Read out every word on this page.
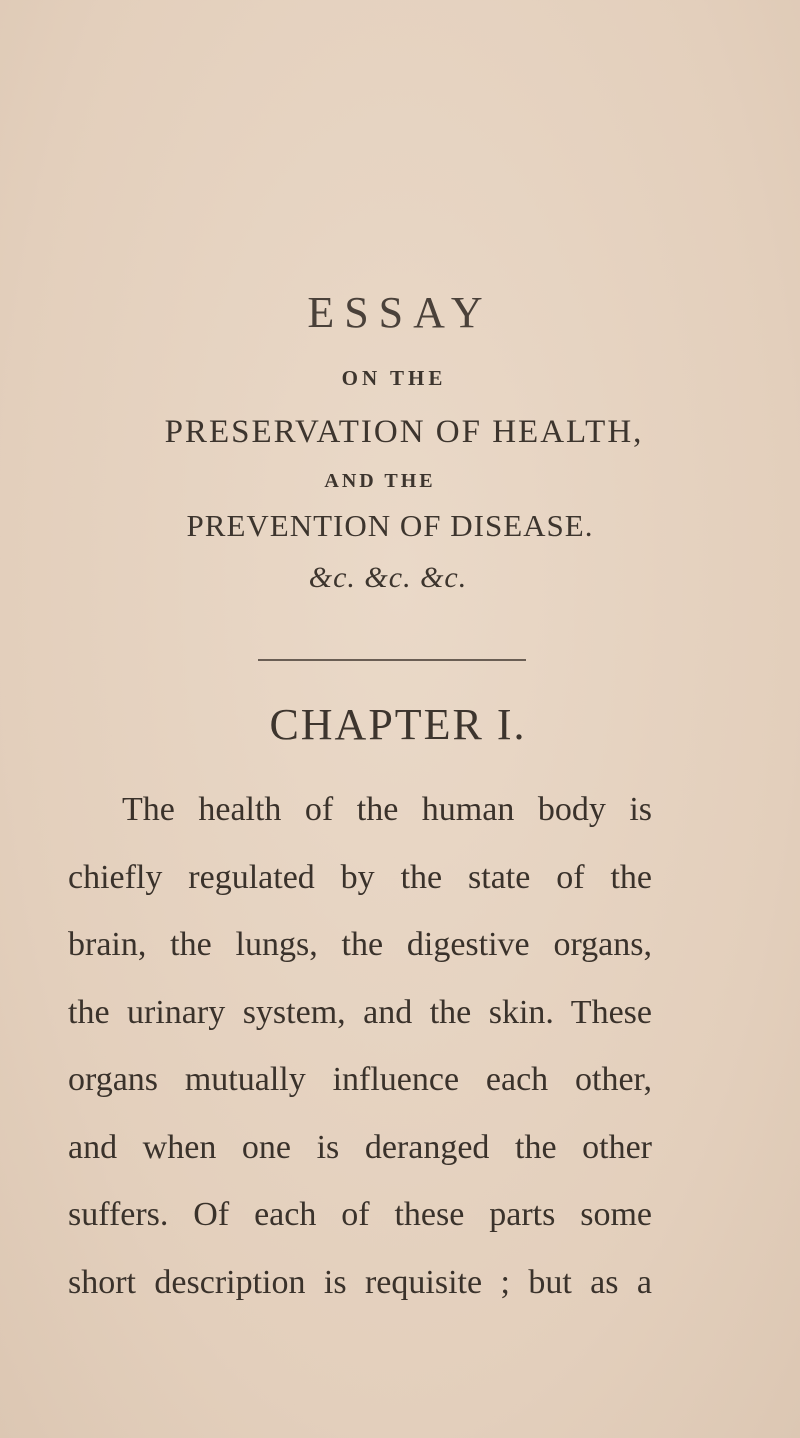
ESSAY
ON THE
PRESERVATION OF HEALTH,
AND THE
PREVENTION OF DISEASE.
&c. &c. &c.
CHAPTER I.
The health of the human body is
chiefly regulated by the state of the
brain, the lungs, the digestive organs,
the urinary system, and the skin. These
organs mutually influence each other,
and when one is deranged the other
suffers. Of each of these parts some
short description is requisite ; but as a
